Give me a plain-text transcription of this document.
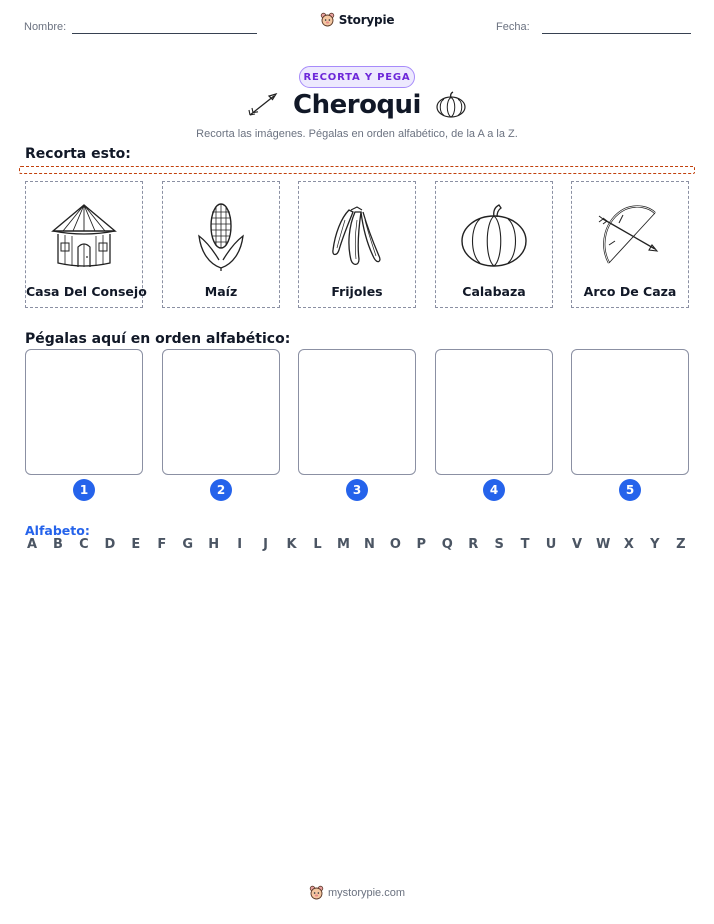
Nombre:	Storypie	Fecha:
RECORTA Y PEGA
Cheroqui
Recorta las imágenes. Pégalas en orden alfabético, de la A a la Z.
Recorta esto:
Casa Del Consejo	Maíz	Frijoles	Calabaza	Arco De Caza
Pégalas aquí en orden alfabético:
1	2	3	4	5
Alfabeto:
A B C D E F G H	I	J	K L M N O P Q R S T U V W X Y Z
mystorypie.com
